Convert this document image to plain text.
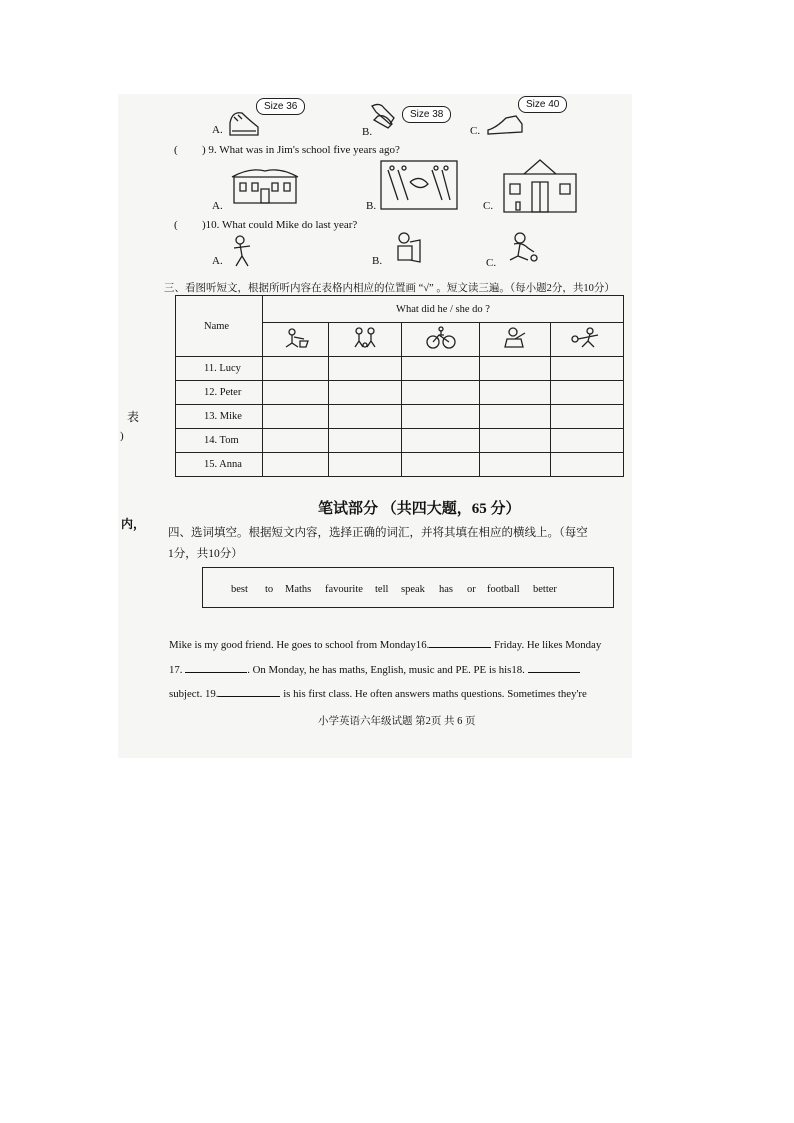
Size 36
A.
Size 38
B.
Size 40
C.
( ) 9. What was in Jim's school five years ago?
A.	B.	C.
( )10. What could Mike do last year?
A.	B.	C.
三、看图听短文，根据所听内容在表格内相应的位置画 “√” 。短文读三遍。（每小题2分，共10分）
Name	What did he / she do ?				

11. Lucy					
12. Peter					
13. Mike					
14. Tom					
15. Anna					
表
)
内，
笔试部分 （共四大题，65 分）
四、选词填空。根据短文内容，选择正确的词汇，并将其填在相应的横线上。（每空
1分，共10分）
best to Maths favourite tell speak has or football better
Mike is my good friend. He goes to school from Monday16.	Friday. He likes Monday
17.	. On Monday, he has maths, English, music and PE. PE is his18.
subject. 19.	is his first class. He often answers maths questions. Sometimes they're
小学英语六年级试题 第2页 共 6 页
